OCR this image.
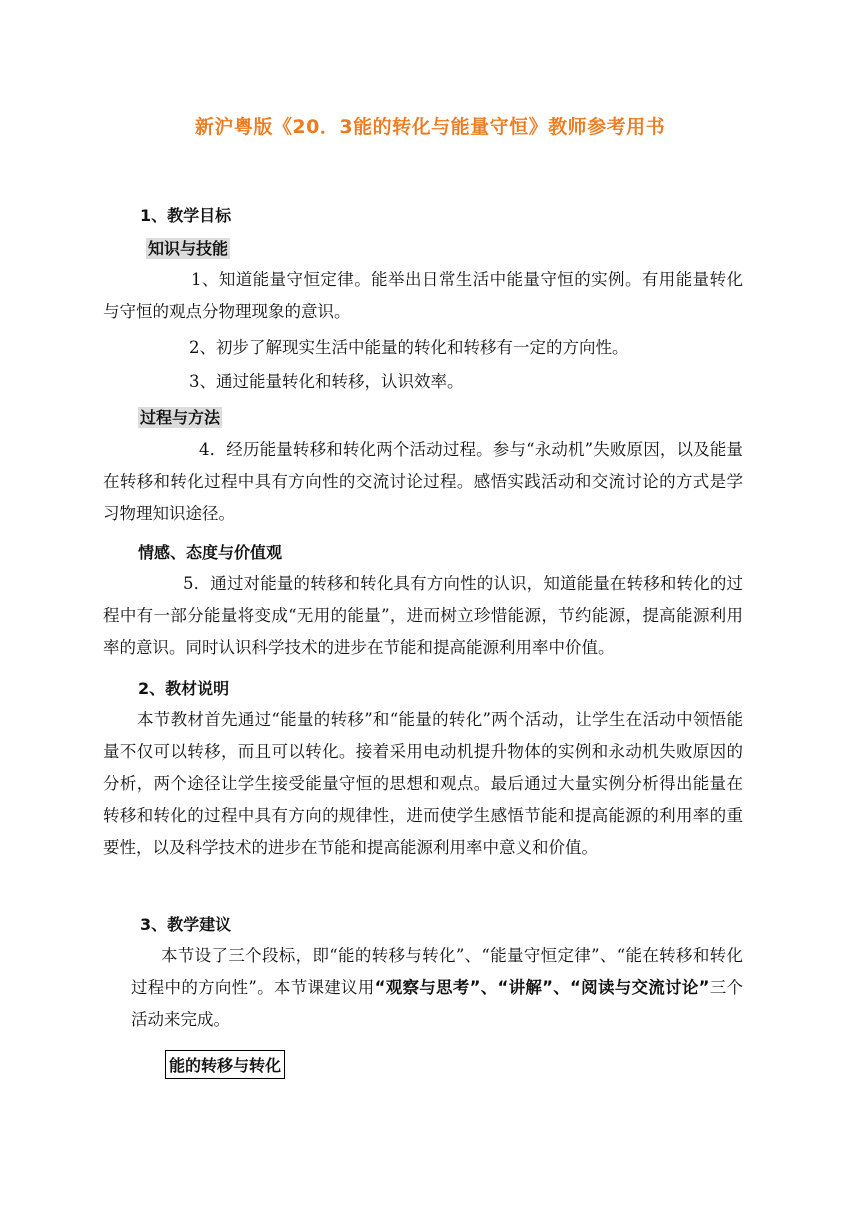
新沪粤版《20．3能的转化与能量守恒》教师参考用书
1、教学目标
知识与技能

1、知道能量守恒定律。能举出日常生活中能量守恒的实例。有用能量转化与守恒的观点分物理现象的意识。

2、初步了解现实生活中能量的转化和转移有一定的方向性。

3、通过能量转化和转移，认识效率。

过程与方法

4．经历能量转移和转化两个活动过程。参与“永动机”失败原因，以及能量在转移和转化过程中具有方向性的交流讨论过程。感悟实践活动和交流讨论的方式是学习物理知识途径。

情感、态度与价值观

5．通过对能量的转移和转化具有方向性的认识，知道能量在转移和转化的过程中有一部分能量将变成“无用的能量”，进而树立珍惜能源，节约能源，提高能源利用率的意识。同时认识科学技术的进步在节能和提高能源利用率中价值。

2、教材说明

本节教材首先通过“能量的转移”和“能量的转化”两个活动，让学生在活动中领悟能量不仅可以转移，而且可以转化。接着采用电动机提升物体的实例和永动机失败原因的分析，两个途径让学生接受能量守恒的思想和观点。最后通过大量实例分析得出能量在转移和转化的过程中具有方向的规律性，进而使学生感悟节能和提高能源的利用率的重要性，以及科学技术的进步在节能和提高能源利用率中意义和价值。

3、教学建议

本节设了三个段标，即“能的转移与转化”、“能量守恒定律”、“能在转移和转化过程中的方向性”。本节课建议用“观察与思考”、“讲解”、“阅读与交流讨论”三个活动来完成。

能的转移与转化
